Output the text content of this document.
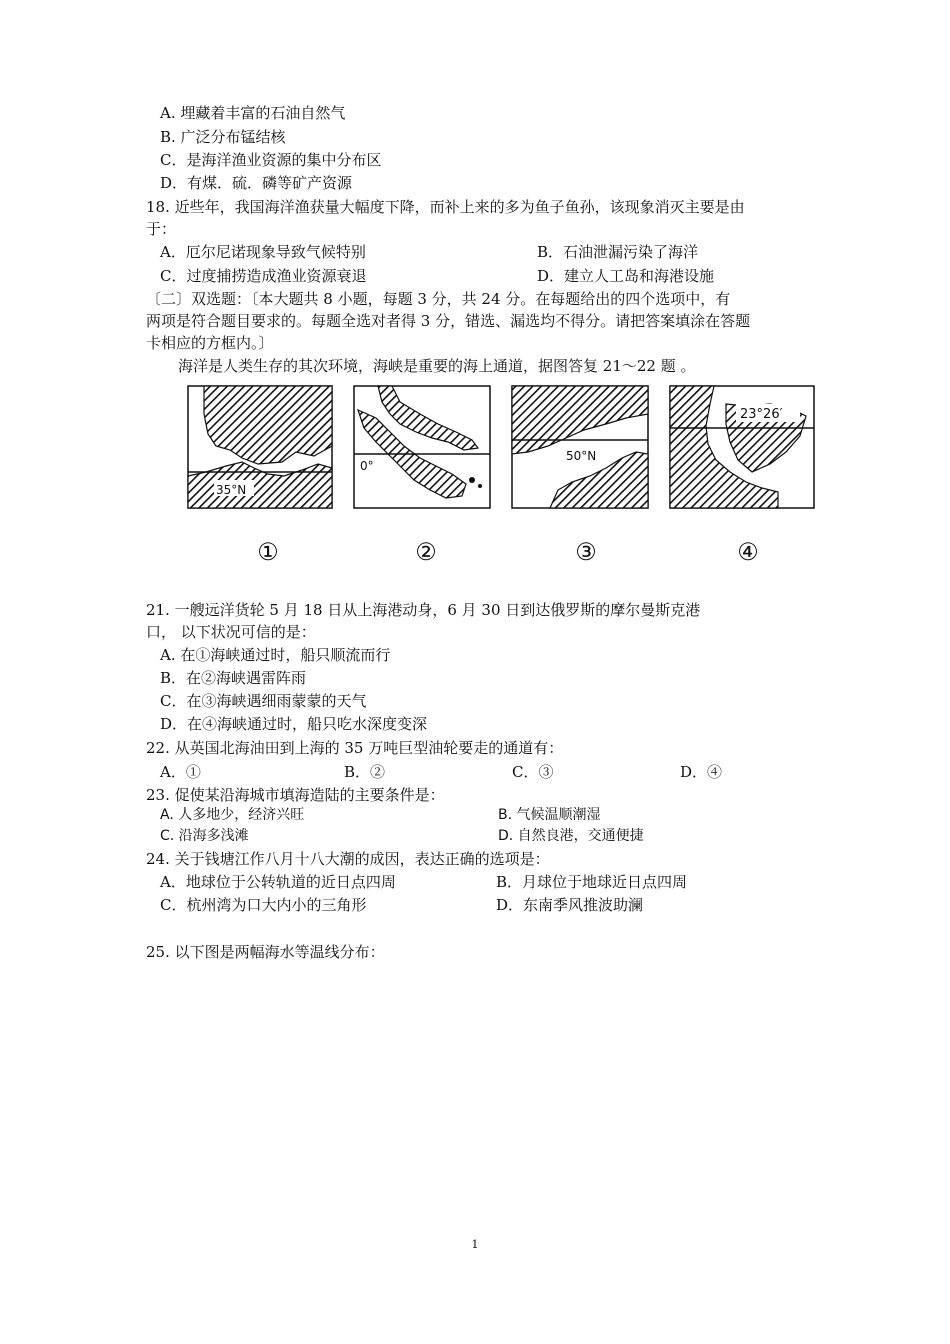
A. 埋藏着丰富的石油自然气
B. 广泛分布锰结核
C．是海洋渔业资源的集中分布区
D．有煤．硫．磷等矿产资源
18. 近些年，我国海洋渔获量大幅度下降，而补上来的多为鱼子鱼孙，该现象消灭主要是由
于：
A．厄尔尼诺现象导致气候特别	B．石油泄漏污染了海洋
C．过度捕捞造成渔业资源衰退	D．建立人工岛和海港设施
〔二〕双选题：〔本大题共 8 小题，每题 3 分，共 24 分。在每题给出的四个选项中，有
两项是符合题目要求的。每题全选对者得 3 分，错选、漏选均不得分。请把答案填涂在答题
卡相应的方框内。〕
海洋是人类生存的其次环境，海峡是重要的海上通道，据图答复 21～22 题 。
35°N
0°
50°N
23°26′
①	②	③	④
21. 一艘远洋货轮 5 月 18 日从上海港动身，6 月 30 日到达俄罗斯的摩尔曼斯克港
口， 以下状况可信的是：
A. 在①海峡通过时，船只顺流而行
B．在②海峡遇雷阵雨
C．在③海峡遇细雨蒙蒙的天气
D．在④海峡通过时，船只吃水深度变深
22. 从英国北海油田到上海的 35 万吨巨型油轮要走的通道有：
A．①	B．②	C．③	D．④
23. 促使某沿海城市填海造陆的主要条件是：
A. 人多地少，经济兴旺	B. 气候温顺潮湿
C. 沿海多浅滩	D. 自然良港，交通便捷
24. 关于钱塘江作八月十八大潮的成因，表达正确的选项是：
A．地球位于公转轨道的近日点四周	B．月球位于地球近日点四周
C．杭州湾为口大内小的三角形	D．东南季风推波助澜
25. 以下图是两幅海水等温线分布：
1
